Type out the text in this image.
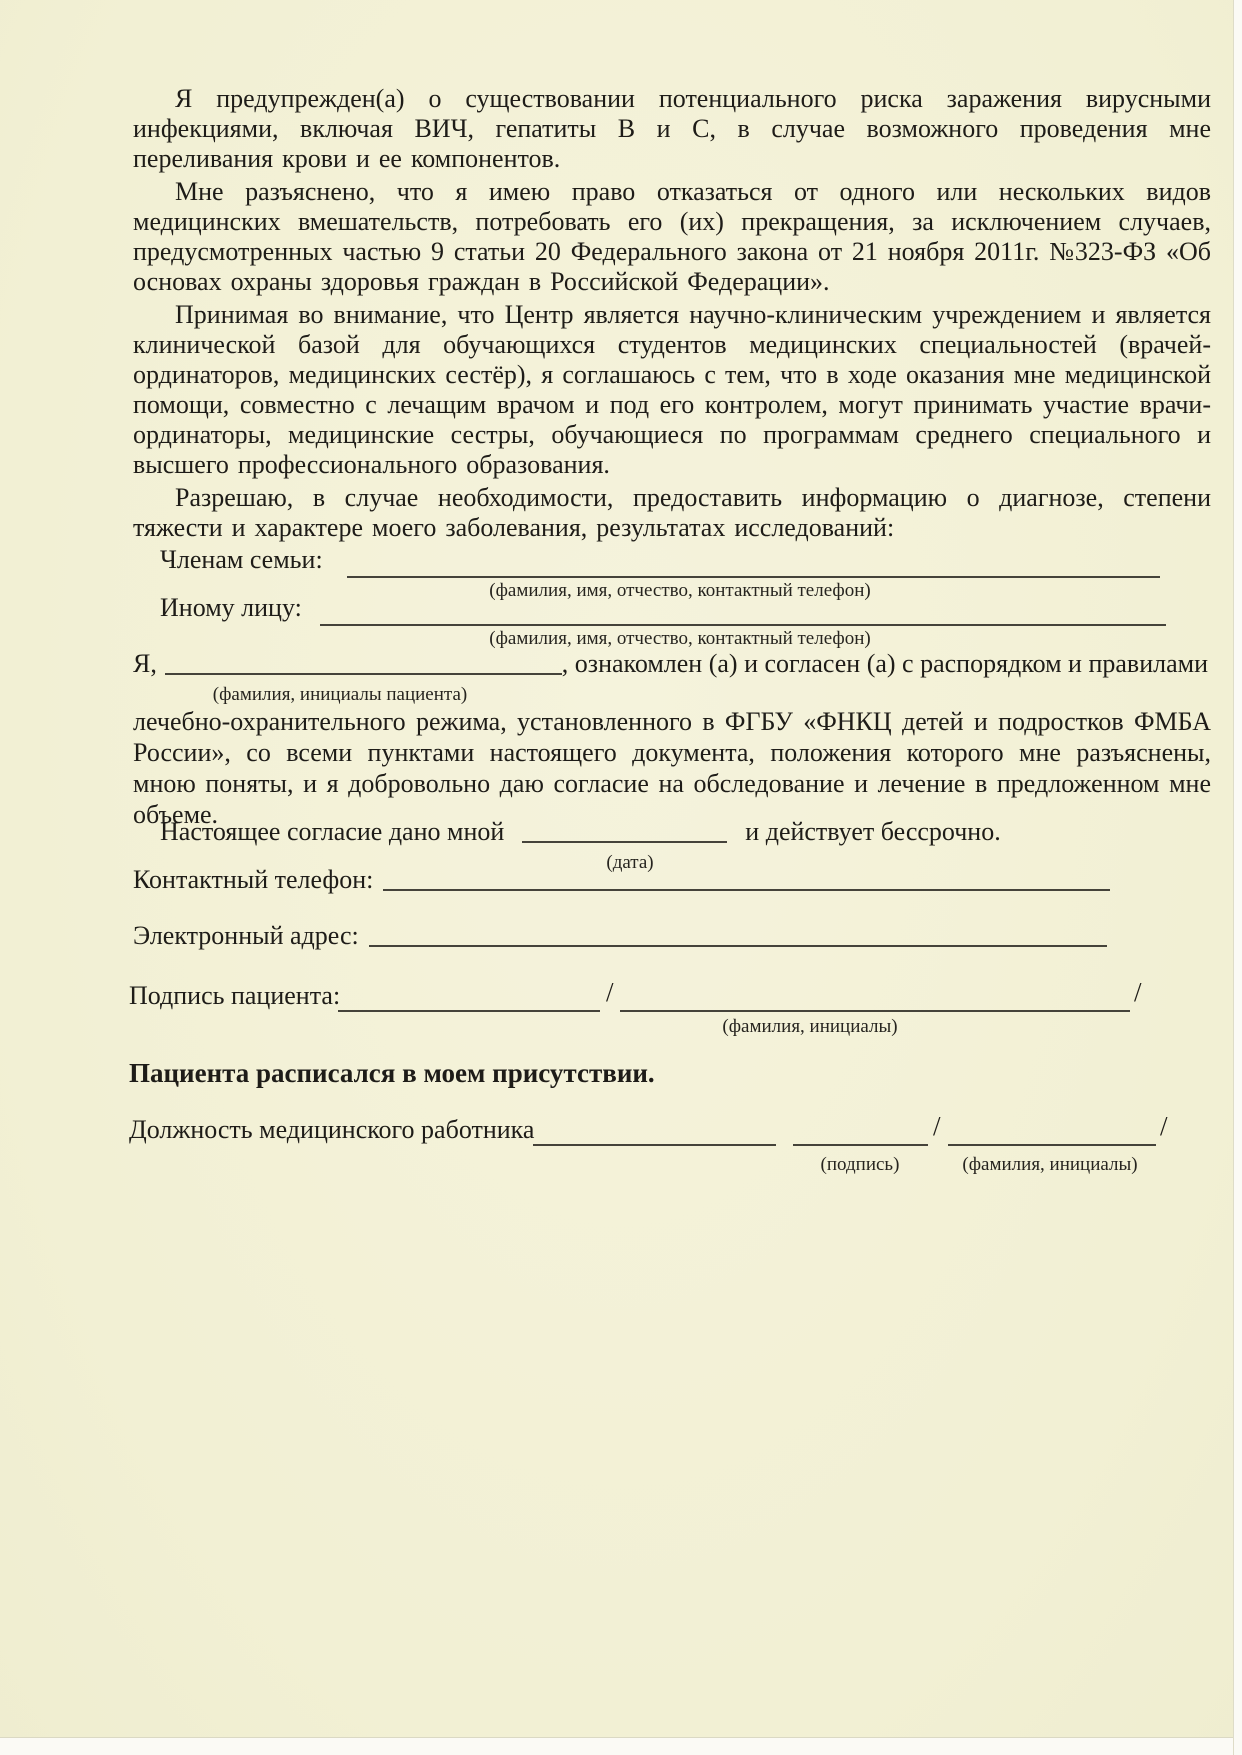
Я предупрежден(а) о существовании потенциального риска заражения вирусными инфекциями, включая ВИЧ, гепатиты В и С, в случае возможного проведения мне переливания крови и ее компонентов.

Мне разъяснено, что я имею право отказаться от одного или нескольких видов медицинских вмешательств, потребовать его (их) прекращения, за исключением случаев, предусмотренных частью 9 статьи 20 Федерального закона от 21 ноября 2011г. №323-ФЗ «Об основах охраны здоровья граждан в Российской Федерации».

Принимая во внимание, что Центр является научно-клиническим учреждением и является клинической базой для обучающихся студентов медицинских специальностей (врачей-ординаторов, медицинских сестёр), я соглашаюсь с тем, что в ходе оказания мне медицинской помощи, совместно с лечащим врачом и под его контролем, могут принимать участие врачи-ординаторы, медицинские сестры, обучающиеся по программам среднего специального и высшего профессионального образования.

Разрешаю, в случае необходимости, предоставить информацию о диагнозе, степени тяжести и характере моего заболевания, результатах исследований:

Членам семьи:
(фамилия, имя, отчество, контактный телефон)
Иному лицу:
(фамилия, имя, отчество, контактный телефон)
Я,	, ознакомлен (а) и согласен (а) с распорядком и правилами
(фамилия, инициалы пациента)
лечебно-охранительного режима, установленного в ФГБУ «ФНКЦ детей и подростков ФМБА России», со всеми пунктами настоящего документа, положения которого мне разъяснены, мною поняты, и я добровольно даю согласие на обследование и лечение в предложенном мне объеме.
Настоящее согласие дано мной	и действует бессрочно.
(дата)
Контактный телефон:
Электронный адрес:
Подпись пациента:	/	/
(фамилия, инициалы)
Пациента расписался в моем присутствии.
Должность медицинского работника	/	/
(подпись)	(фамилия, инициалы)
